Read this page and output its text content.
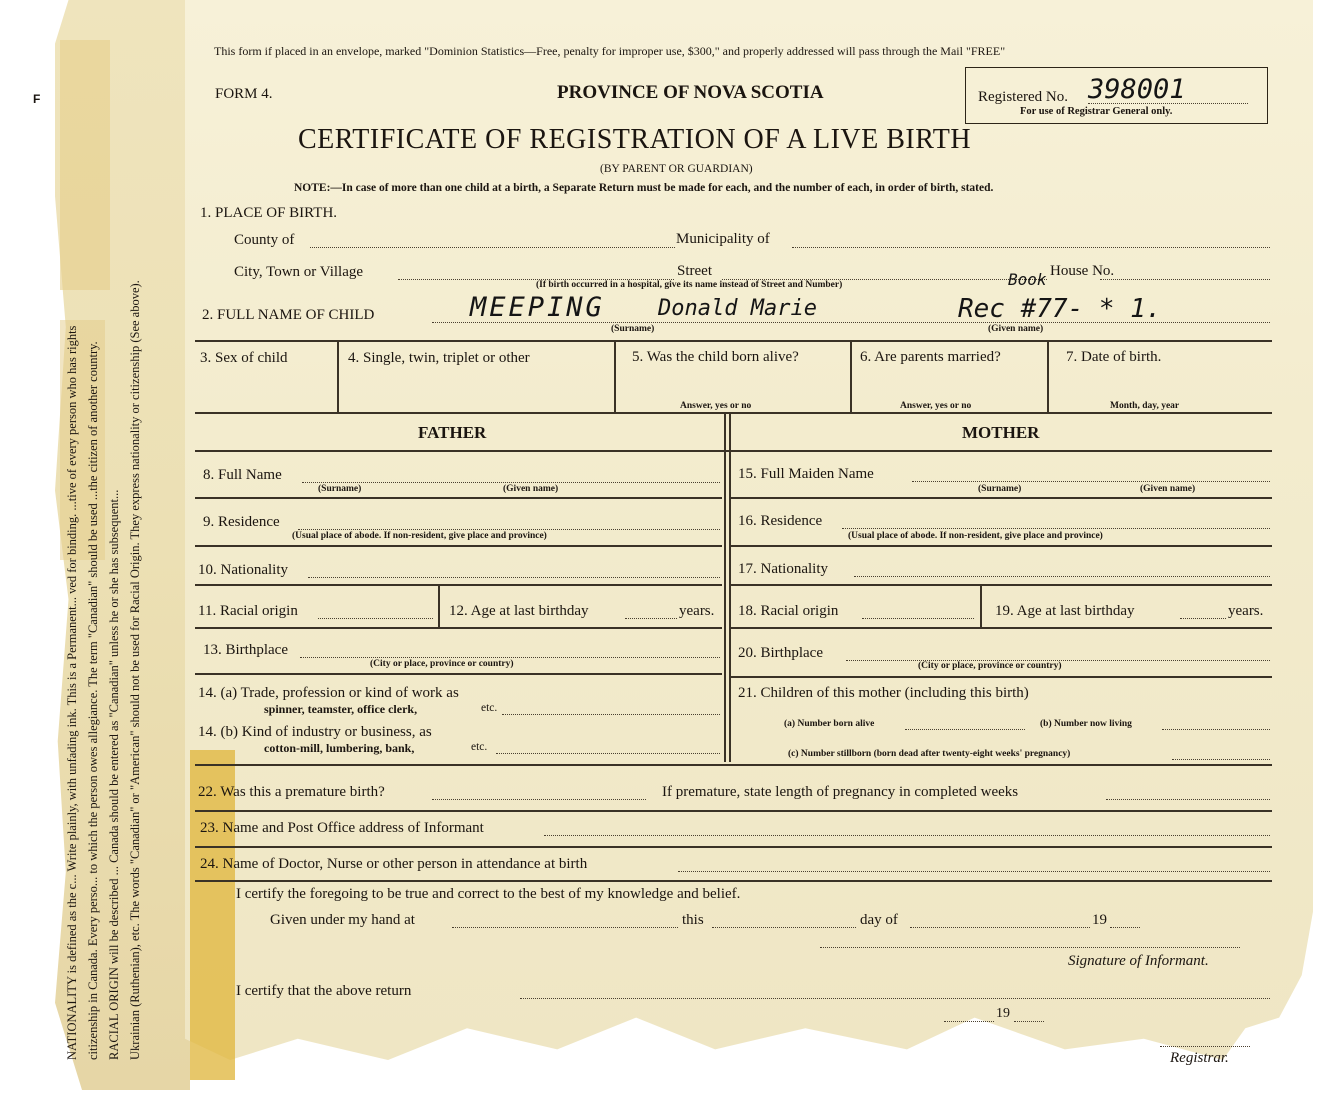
F
NATIONALITY is defined as the c... Write plainly, with unfading ink. This is a Permanent... ved for binding. ...tive of every person who has rights citizenship in Canada. Every perso... to which the person owes allegiance. The term "Canadian" should be used ...the citizen of another country. RACIAL ORIGIN will be described ... Canada should be entered as "Canadian" unless he or she has subsequent... Ukrainian (Ruthenian), etc. The words "Canadian" or "American" should not be used for Racial Origin. They express nationality or citizenship (See above).
This form if placed in an envelope, marked "Dominion Statistics—Free, penalty for improper use, $300," and properly addressed will pass through the Mail "FREE"
FORM 4.	PROVINCE OF NOVA SCOTIA	Registered No. 398001
For use of Registrar General only.
CERTIFICATE OF REGISTRATION OF A LIVE BIRTH
(BY PARENT OR GUARDIAN)
NOTE:—In case of more than one child at a birth, a Separate Return must be made for each, and the number of each, in order of birth, stated.
1. PLACE OF BIRTH.
County of	Municipality of
City, Town or Village	Street	House No.
(If birth occurred in a hospital, give its name instead of Street and Number)
2. FULL NAME OF CHILD	MEEPING Donald Marie
Book
Rec #77- * 1.
(Surname)	(Given name)
3. Sex of child	4. Single, twin, triplet or other	5. Was the child born alive?	6. Are parents married?	7. Date of birth.
Answer, yes or no	Answer, yes or no	Month, day, year
FATHER	MOTHER
8. Full Name
(Surname)	(Given name)
9. Residence
(Usual place of abode. If non-resident, give place and province)
10. Nationality
11. Racial origin	12. Age at last birthday	years.
13. Birthplace
(City or place, province or country)
14. (a) Trade, profession or kind of work as
spinner, teamster, office clerk,	etc.
14. (b) Kind of industry or business, as
cotton-mill, lumbering, bank,	etc.
15. Full Maiden Name
(Surname)	(Given name)
16. Residence
(Usual place of abode. If non-resident, give place and province)
17. Nationality
18. Racial origin	19. Age at last birthday	years.
20. Birthplace
(City or place, province or country)
21. Children of this mother (including this birth)
(a) Number born alive	(b) Number now living
(c) Number stillborn (born dead after twenty-eight weeks' pregnancy)
22. Was this a premature birth?	If premature, state length of pregnancy in completed weeks
23. Name and Post Office address of Informant
24. Name of Doctor, Nurse or other person in attendance at birth
I certify the foregoing to be true and correct to the best of my knowledge and belief.
Given under my hand at	this	day of	19
Signature of Informant.
I certify that the above return
19
Registrar.
